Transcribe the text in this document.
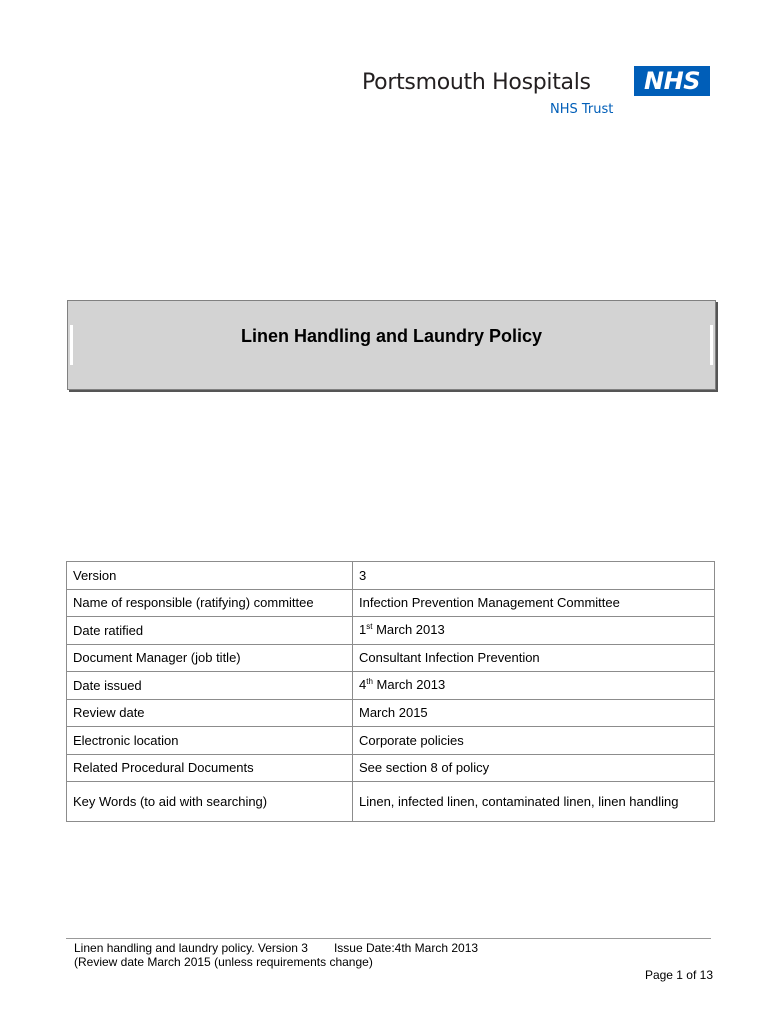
Portsmouth Hospitals	NHS
NHS Trust
Linen Handling and Laundry Policy
Version	3
Name of responsible (ratifying) committee	Infection Prevention Management Committee
Date ratified	1st March 2013
Document Manager (job title)	Consultant Infection Prevention
Date issued	4th March 2013
Review date	March 2015
Electronic location	Corporate policies
Related Procedural Documents	See section 8 of policy
Key Words (to aid with searching)	Linen, infected linen, contaminated linen, linen handling
Linen handling and laundry policy. Version 3 Issue Date:4th March 2013
(Review date March 2015 (unless requirements change)
Page 1 of 13
